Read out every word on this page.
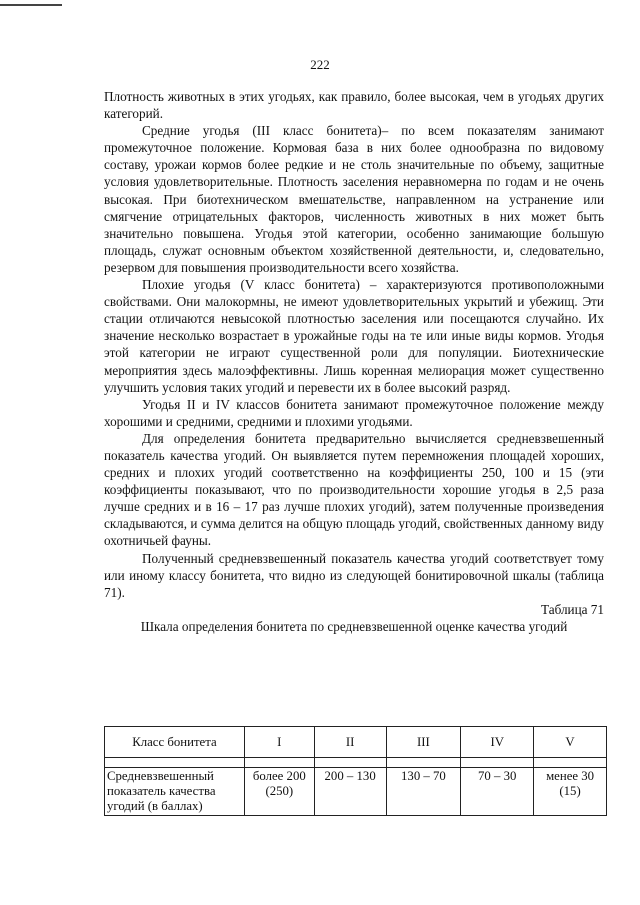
222

Плотность животных в этих угодьях, как правило, более высокая, чем в угодьях других категорий.

Средние угодья (III класс бонитета)– по всем показателям занимают промежуточное положение. Кормовая база в них более однообразна по видовому составу, урожаи кормов более редкие и не столь значительные по объему, защитные условия удовлетворительные. Плотность заселения неравномерна по годам и не очень высокая. При биотехническом вмешательстве, направленном на устранение или смягчение отрицательных факторов, численность животных в них может быть значительно повышена. Угодья этой категории, особенно занимающие большую площадь, служат основным объектом хозяйственной деятельности, и, следовательно, резервом для повышения производительности всего хозяйства.

Плохие угодья (V класс бонитета) – характеризуются противоположными свойствами. Они малокормны, не имеют удовлетворительных укрытий и убежищ. Эти стации отличаются невысокой плотностью заселения или посещаются случайно. Их значение несколько возрастает в урожайные годы на те или иные виды кормов. Угодья этой категории не играют существенной роли для популяции. Биотехнические мероприятия здесь малоэффективны. Лишь коренная мелиорация может существенно улучшить условия таких угодий и перевести их в более высокий разряд.

Угодья II и IV классов бонитета занимают промежуточное положение между хорошими и средними, средними и плохими угодьями.

Для определения бонитета предварительно вычисляется средневзвешенный показатель качества угодий. Он выявляется путем перемножения площадей хороших, средних и плохих угодий соответственно на коэффициенты 250, 100 и 15 (эти коэффициенты показывают, что по производительности хорошие угодья в 2,5 раза лучше средних и в 16 – 17 раз лучше плохих угодий), затем полученные произведения складываются, и сумма делится на общую площадь угодий, свойственных данному виду охотничьей фауны.

Полученный средневзвешенный показатель качества угодий соответствует тому или иному классу бонитета, что видно из следующей бонитировочной шкалы (таблица 71).

Таблица 71

Шкала определения бонитета по средневзвешенной оценке качества угодий

Класс бонитета	I	II	III	IV	V

Средневзвешенный показатель качества угодий (в баллах)	более 200 (250)	200 – 130	130 – 70	70 – 30	менее 30 (15)
